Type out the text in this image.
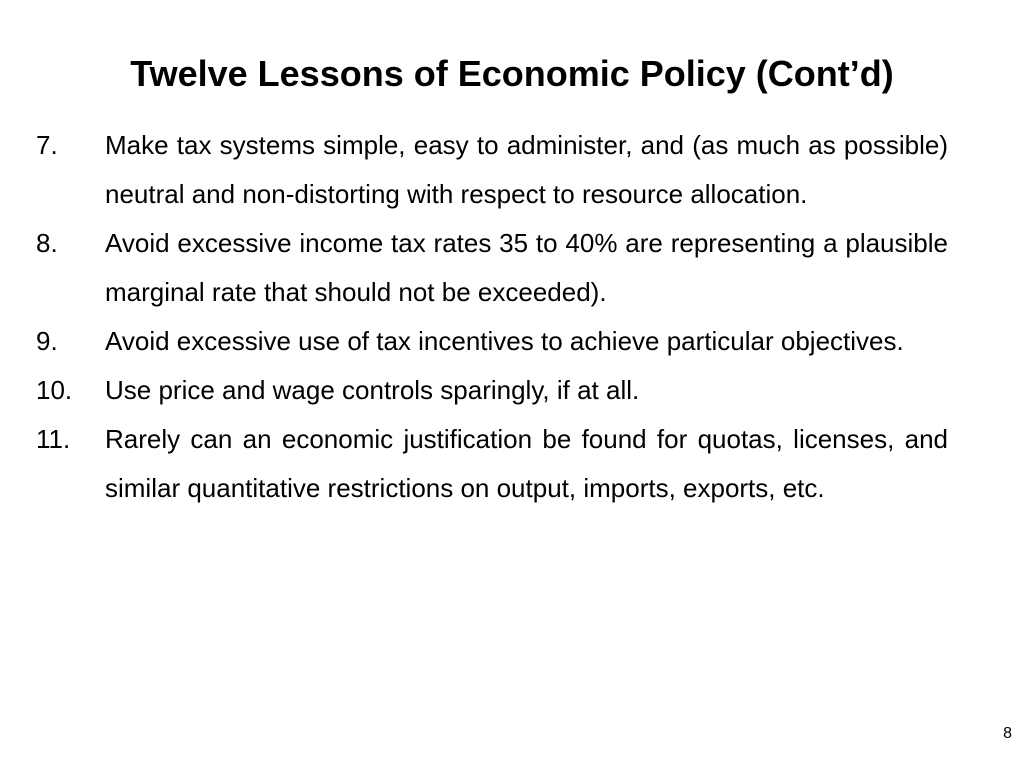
Twelve Lessons of Economic Policy (Cont’d)
7.	Make tax systems simple, easy to administer, and (as much as possible) neutral and non-distorting with respect to resource allocation.
8.	Avoid excessive income tax rates 35 to 40% are representing a plausible marginal rate that should not be exceeded).
9.	Avoid excessive use of tax incentives to achieve particular objectives.
10.	Use price and wage controls sparingly, if at all.
11.	Rarely can an economic justification be found for quotas, licenses, and similar quantitative restrictions on output, imports, exports, etc.
8
